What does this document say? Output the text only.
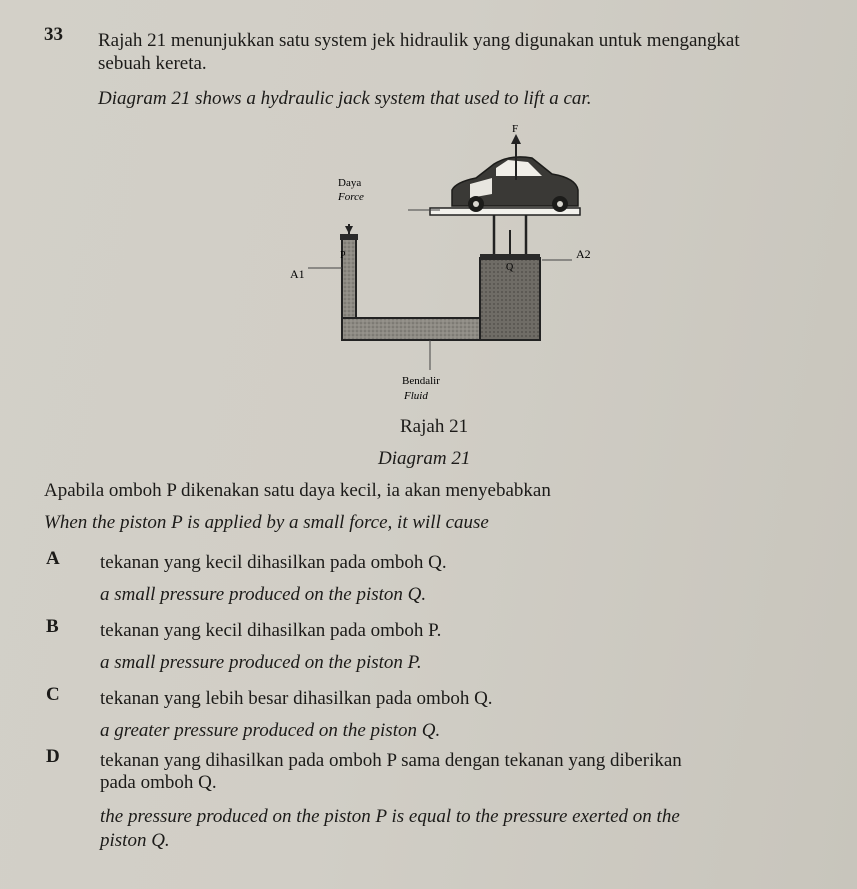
33 Rajah 21 menunjukkan satu system jek hidraulik yang digunakan untuk mengangkat
sebuah kereta.
Diagram 21 shows a hydraulic jack system that used to lift a car.
F
Daya
Force
P
Q
A1
A2
Bendalir
Fluid
Rajah 21
Diagram 21
Apabila omboh P dikenakan satu daya kecil, ia akan menyebabkan
When the piston P is applied by a small force, it will cause
A tekanan yang kecil dihasilkan pada omboh Q.
a small pressure produced on the piston Q.
B tekanan yang kecil dihasilkan pada omboh P.
a small pressure produced on the piston P.
C tekanan yang lebih besar dihasilkan pada omboh Q.
a greater pressure produced on the piston Q.
D tekanan yang dihasilkan pada omboh P sama dengan tekanan yang diberikan
pada omboh Q.
the pressure produced on the piston P is equal to the pressure exerted on the
piston Q.
